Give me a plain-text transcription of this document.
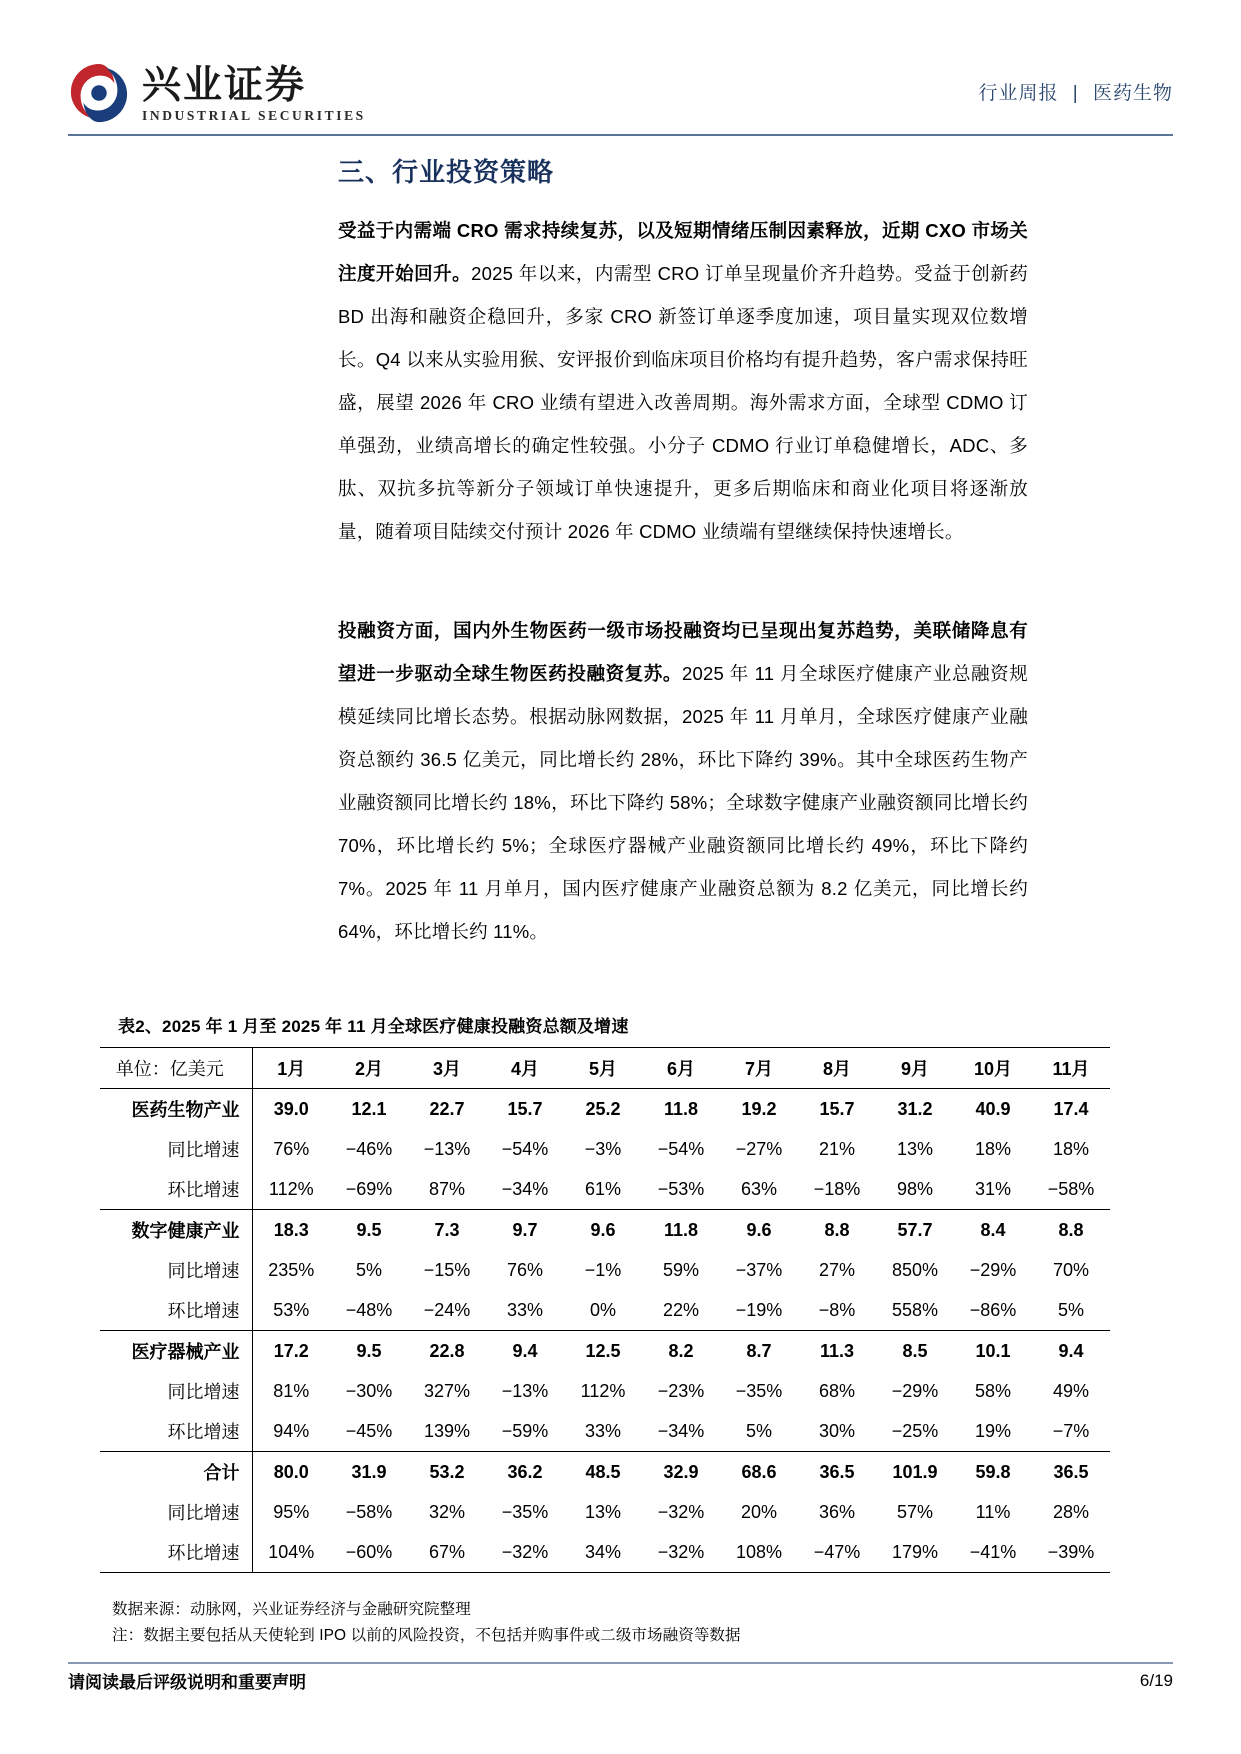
兴业证券
INDUSTRIAL SECURITIES
行业周报 | 医药生物
三、行业投资策略

受益于内需端 CRO 需求持续复苏，以及短期情绪压制因素释放，近期 CXO 市场关注度开始回升。2025 年以来，内需型 CRO 订单呈现量价齐升趋势。受益于创新药 BD 出海和融资企稳回升，多家 CRO 新签订单逐季度加速，项目量实现双位数增长。Q4 以来从实验用猴、安评报价到临床项目价格均有提升趋势，客户需求保持旺盛，展望 2026 年 CRO 业绩有望进入改善周期。海外需求方面，全球型 CDMO 订单强劲，业绩高增长的确定性较强。小分子 CDMO 行业订单稳健增长，ADC、多肽、双抗多抗等新分子领域订单快速提升，更多后期临床和商业化项目将逐渐放量，随着项目陆续交付预计 2026 年 CDMO 业绩端有望继续保持快速增长。

投融资方面，国内外生物医药一级市场投融资均已呈现出复苏趋势，美联储降息有望进一步驱动全球生物医药投融资复苏。2025 年 11 月全球医疗健康产业总融资规模延续同比增长态势。根据动脉网数据，2025 年 11 月单月，全球医疗健康产业融资总额约 36.5 亿美元，同比增长约 28%，环比下降约 39%。其中全球医药生物产业融资额同比增长约 18%，环比下降约 58%；全球数字健康产业融资额同比增长约 70%，环比增长约 5%；全球医疗器械产业融资额同比增长约 49%，环比下降约 7%。2025 年 11 月单月，国内医疗健康产业融资总额为 8.2 亿美元，同比增长约 64%，环比增长约 11%。

表2、2025 年 1 月至 2025 年 11 月全球医疗健康投融资总额及增速
单位：亿美元	1月	2月	3月	4月	5月	6月	7月	8月	9月	10月	11月
医药生物产业	39.0	12.1	22.7	15.7	25.2	11.8	19.2	15.7	31.2	40.9	17.4
同比增速	76%	−46%	−13%	−54%	−3%	−54%	−27%	21%	13%	18%	18%
环比增速	112%	−69%	87%	−34%	61%	−53%	63%	−18%	98%	31%	−58%
数字健康产业	18.3	9.5	7.3	9.7	9.6	11.8	9.6	8.8	57.7	8.4	8.8
同比增速	235%	5%	−15%	76%	−1%	59%	−37%	27%	850%	−29%	70%
环比增速	53%	−48%	−24%	33%	0%	22%	−19%	−8%	558%	−86%	5%
医疗器械产业	17.2	9.5	22.8	9.4	12.5	8.2	8.7	11.3	8.5	10.1	9.4
同比增速	81%	−30%	327%	−13%	112%	−23%	−35%	68%	−29%	58%	49%
环比增速	94%	−45%	139%	−59%	33%	−34%	5%	30%	−25%	19%	−7%
合计	80.0	31.9	53.2	36.2	48.5	32.9	68.6	36.5	101.9	59.8	36.5
同比增速	95%	−58%	32%	−35%	13%	−32%	20%	36%	57%	11%	28%
环比增速	104%	−60%	67%	−32%	34%	−32%	108%	−47%	179%	−41%	−39%
数据来源：动脉网，兴业证券经济与金融研究院整理
注：数据主要包括从天使轮到 IPO 以前的风险投资，不包括并购事件或二级市场融资等数据
请阅读最后评级说明和重要声明	6/19
